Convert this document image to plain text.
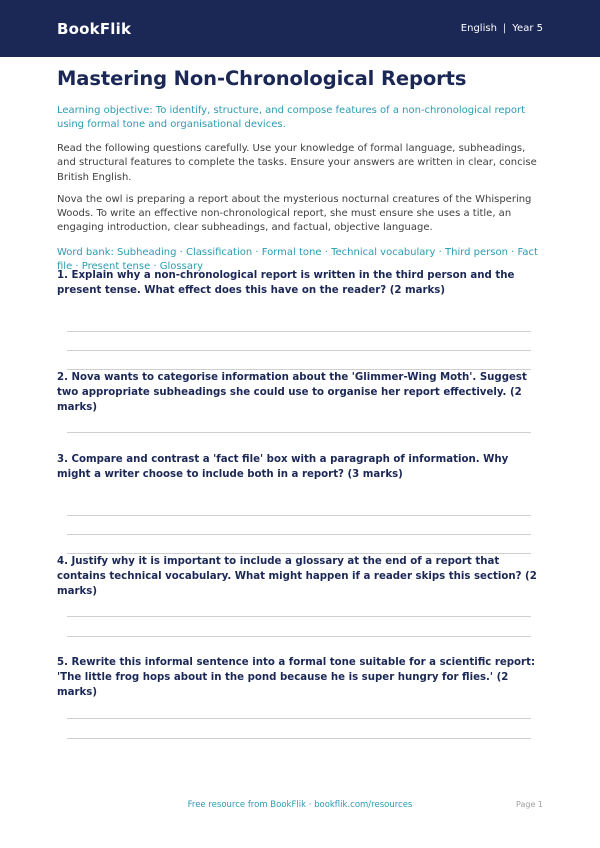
BookFlik	English | Year 5
Mastering Non-Chronological Reports

Learning objective: To identify, structure, and compose features of a non-chronological report using formal tone and organisational devices.

Read the following questions carefully. Use your knowledge of formal language, subheadings, and structural features to complete the tasks. Ensure your answers are written in clear, concise British English.

Nova the owl is preparing a report about the mysterious nocturnal creatures of the Whispering Woods. To write an effective non-chronological report, she must ensure she uses a title, an engaging introduction, clear subheadings, and factual, objective language.

Word bank: Subheading · Classification · Formal tone · Technical vocabulary · Third person · Fact file · Present tense · Glossary

1. Explain why a non-chronological report is written in the third person and the present tense. What effect does this have on the reader? (2 marks)

2. Nova wants to categorise information about the 'Glimmer-Wing Moth'. Suggest two appropriate subheadings she could use to organise her report effectively. (2 marks)

3. Compare and contrast a 'fact file' box with a paragraph of information. Why might a writer choose to include both in a report? (3 marks)

4. Justify why it is important to include a glossary at the end of a report that contains technical vocabulary. What might happen if a reader skips this section? (2 marks)

5. Rewrite this informal sentence into a formal tone suitable for a scientific report: 'The little frog hops about in the pond because he is super hungry for flies.' (2 marks)

Free resource from BookFlik · bookflik.com/resources	Page 1
